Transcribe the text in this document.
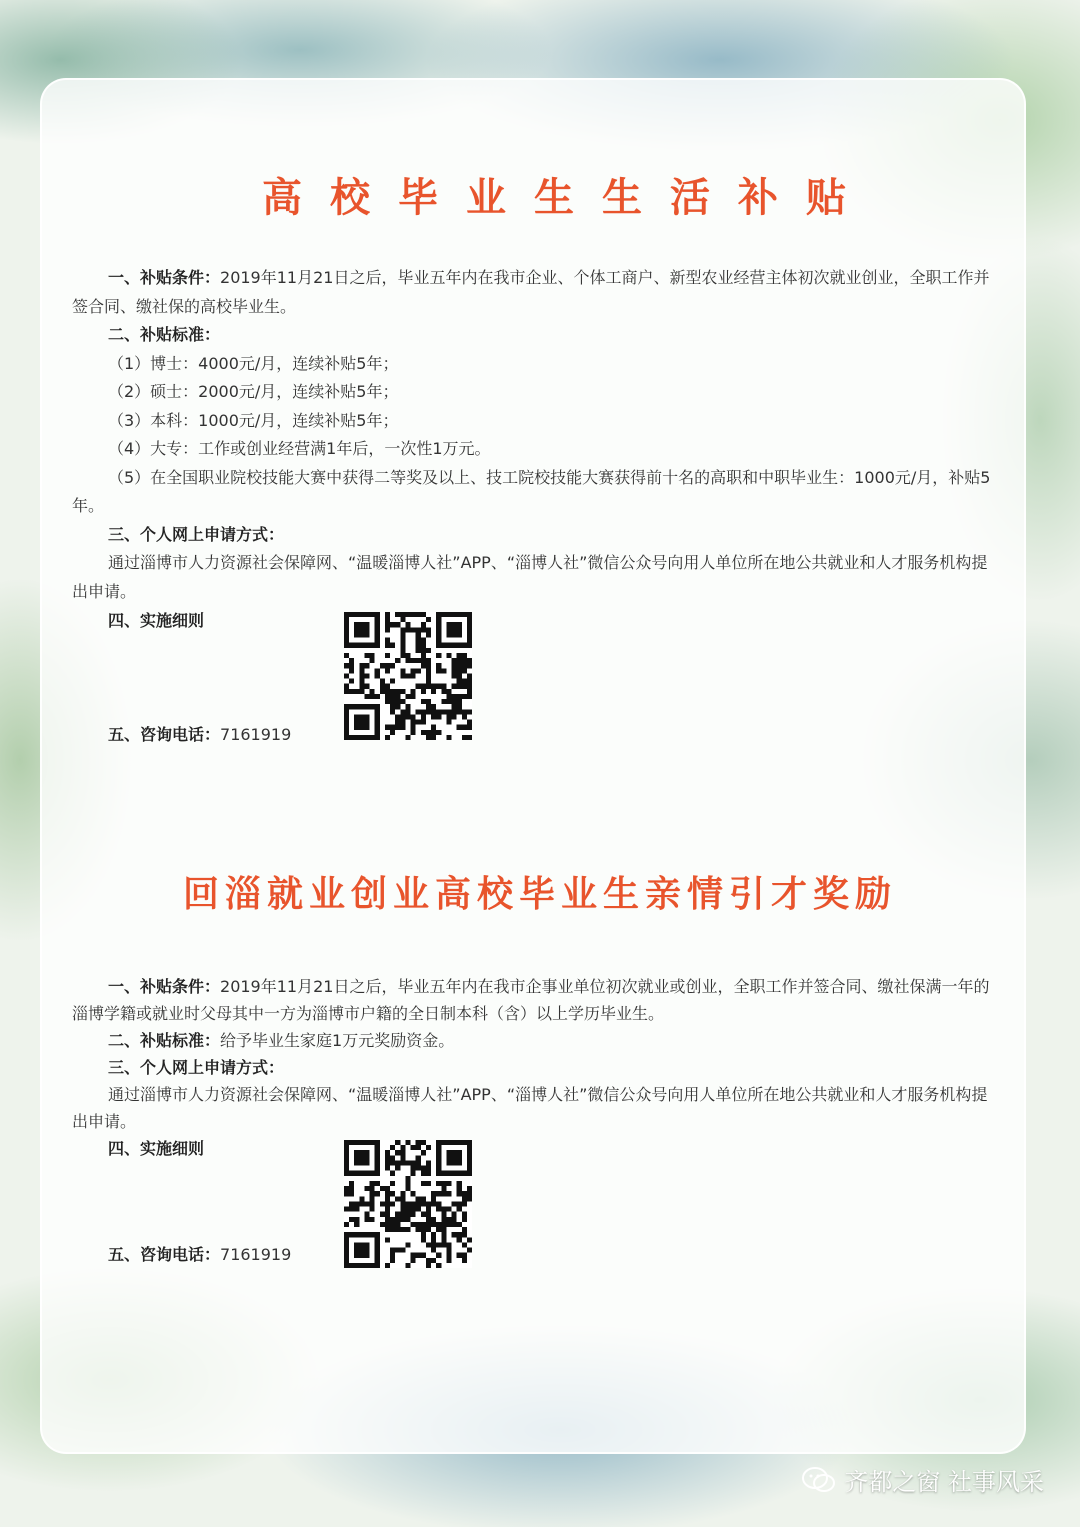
高校毕业生生活补贴

一、补贴条件：2019年11月21日之后，毕业五年内在我市企业、个体工商户、新型农业经营主体初次就业创业，全职工作并签合同、缴社保的高校毕业生。

二、补贴标准：

（1）博士：4000元/月，连续补贴5年；

（2）硕士：2000元/月，连续补贴5年；

（3）本科：1000元/月，连续补贴5年；

（4）大专：工作或创业经营满1年后，一次性1万元。

（5）在全国职业院校技能大赛中获得二等奖及以上、技工院校技能大赛获得前十名的高职和中职毕业生：1000元/月，补贴5年。

三、个人网上申请方式：

通过淄博市人力资源社会保障网、“温暖淄博人社”APP、“淄博人社”微信公众号向用人单位所在地公共就业和人才服务机构提出申请。

四、实施细则
五、咨询电话：7161919
回淄就业创业高校毕业生亲情引才奖励

一、补贴条件：2019年11月21日之后，毕业五年内在我市企事业单位初次就业或创业，全职工作并签合同、缴社保满一年的淄博学籍或就业时父母其中一方为淄博市户籍的全日制本科（含）以上学历毕业生。

二、补贴标准：给予毕业生家庭1万元奖励资金。

三、个人网上申请方式：

通过淄博市人力资源社会保障网、“温暖淄博人社”APP、“淄博人社”微信公众号向用人单位所在地公共就业和人才服务机构提出申请。

四、实施细则
五、咨询电话：7161919
齐都之窗 社事风采
